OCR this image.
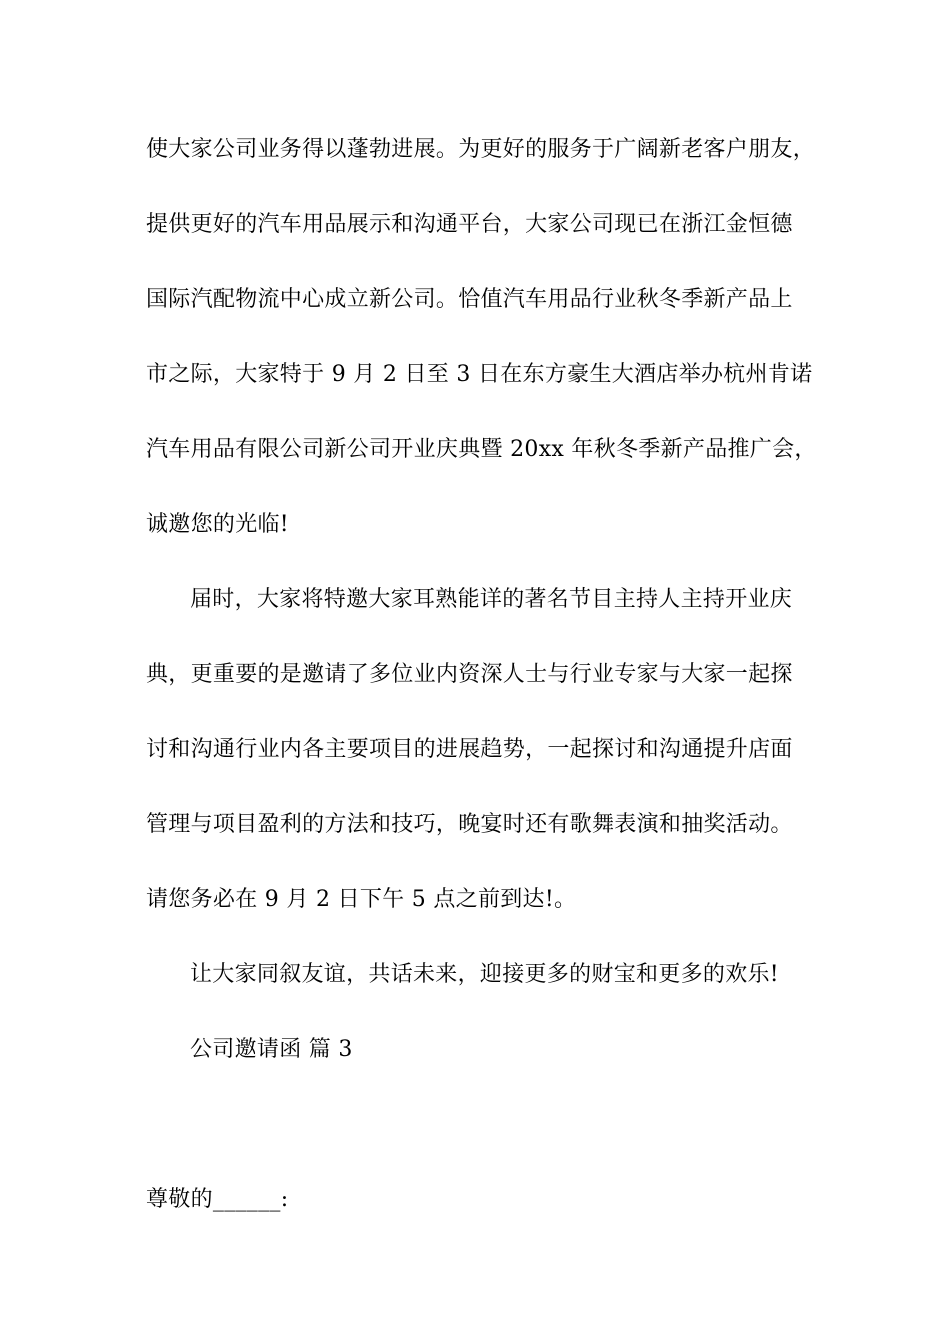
使大家公司业务得以蓬勃进展。为更好的服务于广阔新老客户朋友，
提供更好的汽车用品展示和沟通平台，大家公司现已在浙江金恒德
国际汽配物流中心成立新公司。恰值汽车用品行业秋冬季新产品上
市之际，大家特于 9 月 2 日至 3 日在东方豪生大酒店举办杭州肯诺
汽车用品有限公司新公司开业庆典暨 20xx 年秋冬季新产品推广会，
诚邀您的光临!
届时，大家将特邀大家耳熟能详的著名节目主持人主持开业庆
典，更重要的是邀请了多位业内资深人士与行业专家与大家一起探
讨和沟通行业内各主要项目的进展趋势，一起探讨和沟通提升店面
管理与项目盈利的方法和技巧，晚宴时还有歌舞表演和抽奖活动。
请您务必在 9 月 2 日下午 5 点之前到达!。
让大家同叙友谊，共话未来，迎接更多的财宝和更多的欢乐!
公司邀请函 篇 3
尊敬的______:
